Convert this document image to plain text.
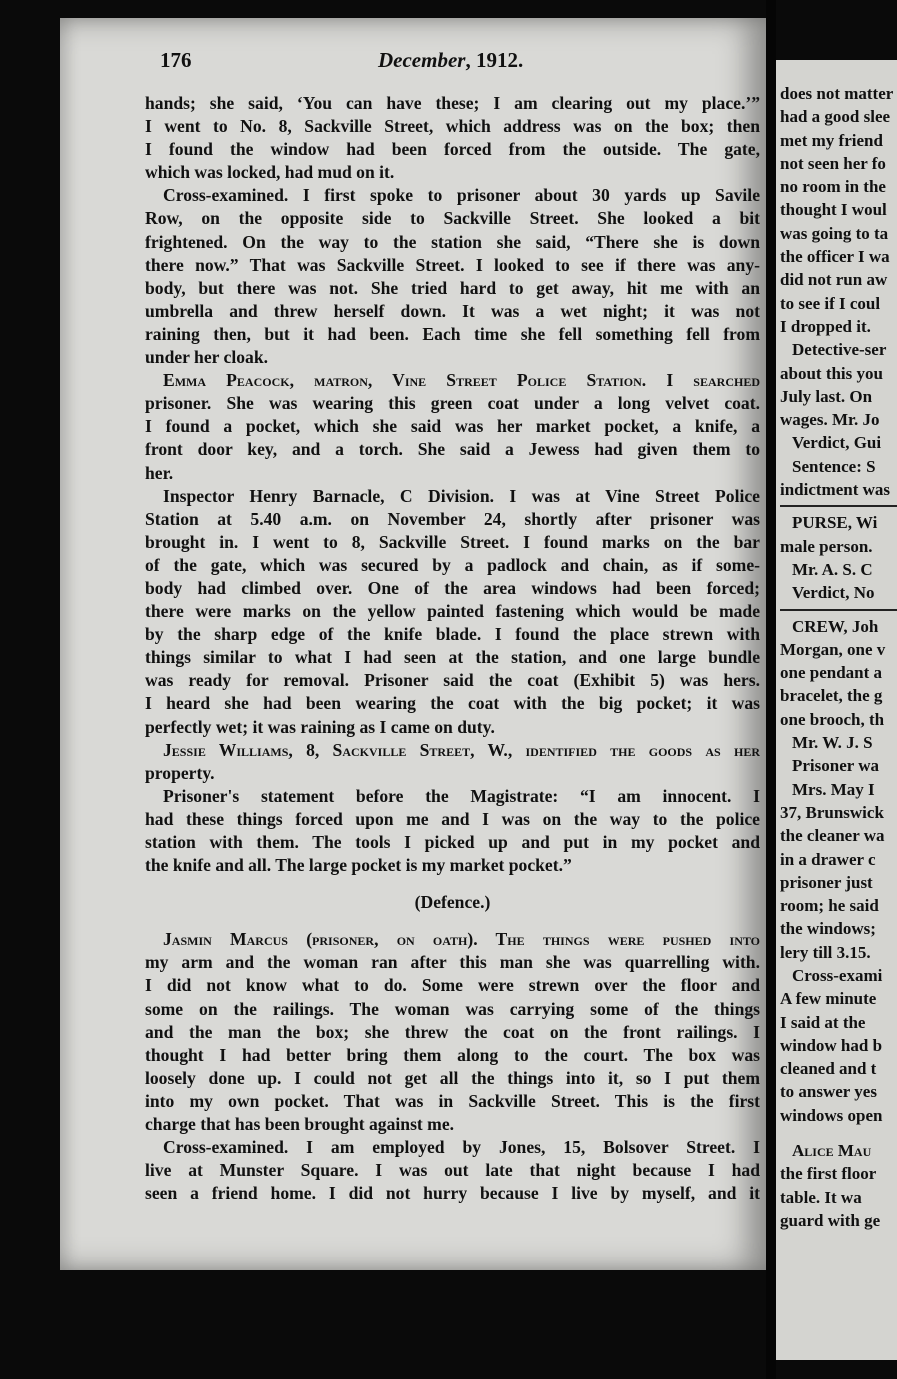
176	December, 1912.
hands; she said, ‘You can have these; I am clearing out my place.’”
I went to No. 8, Sackville Street, which address was on the box; then
I found the window had been forced from the outside. The gate,
which was locked, had mud on it.
Cross-examined. I first spoke to prisoner about 30 yards up Savile
Row, on the opposite side to Sackville Street. She looked a bit
frightened. On the way to the station she said, “There she is down
there now.” That was Sackville Street. I looked to see if there was any-
body, but there was not. She tried hard to get away, hit me with an
umbrella and threw herself down. It was a wet night; it was not
raining then, but it had been. Each time she fell something fell from
under her cloak.
Emma Peacock, matron, Vine Street Police Station. I searched
prisoner. She was wearing this green coat under a long velvet coat.
I found a pocket, which she said was her market pocket, a knife, a
front door key, and a torch. She said a Jewess had given them to
her.
Inspector Henry Barnacle, C Division. I was at Vine Street Police
Station at 5.40 a.m. on November 24, shortly after prisoner was
brought in. I went to 8, Sackville Street. I found marks on the bar
of the gate, which was secured by a padlock and chain, as if some-
body had climbed over. One of the area windows had been forced;
there were marks on the yellow painted fastening which would be made
by the sharp edge of the knife blade. I found the place strewn with
things similar to what I had seen at the station, and one large bundle
was ready for removal. Prisoner said the coat (Exhibit 5) was hers.
I heard she had been wearing the coat with the big pocket; it was
perfectly wet; it was raining as I came on duty.
Jessie Williams, 8, Sackville Street, W., identified the goods as her
property.
Prisoner's statement before the Magistrate: “I am innocent. I
had these things forced upon me and I was on the way to the police
station with them. The tools I picked up and put in my pocket and
the knife and all. The large pocket is my market pocket.”
(Defence.)
Jasmin Marcus (prisoner, on oath). The things were pushed into
my arm and the woman ran after this man she was quarrelling with.
I did not know what to do. Some were strewn over the floor and
some on the railings. The woman was carrying some of the things
and the man the box; she threw the coat on the front railings. I
thought I had better bring them along to the court. The box was
loosely done up. I could not get all the things into it, so I put them
into my own pocket. That was in Sackville Street. This is the first
charge that has been brought against me.
Cross-examined. I am employed by Jones, 15, Bolsover Street. I
live at Munster Square. I was out late that night because I had
seen a friend home. I did not hurry because I live by myself, and it
does not matter
had a good slee
met my friend
not seen her fo
no room in the
thought I woul
was going to ta
the officer I wa
did not run aw
to see if I coul
I dropped it.
Detective-ser
about this you
July last. On
wages. Mr. Jo
Verdict, Gui
Sentence: S
indictment was
PURSE, Wi
male person.
Mr. A. S. C
Verdict, No
CREW, Joh
Morgan, one v
one pendant a
bracelet, the g
one brooch, th
Mr. W. J. S
Prisoner wa
Mrs. May I
37, Brunswick
the cleaner wa
in a drawer c
prisoner just
room; he said
the windows;
lery till 3.15.
Cross-exami
A few minute
I said at the
window had b
cleaned and t
to answer yes
windows open
Alice Mau
the first floor
table. It wa
guard with ge
